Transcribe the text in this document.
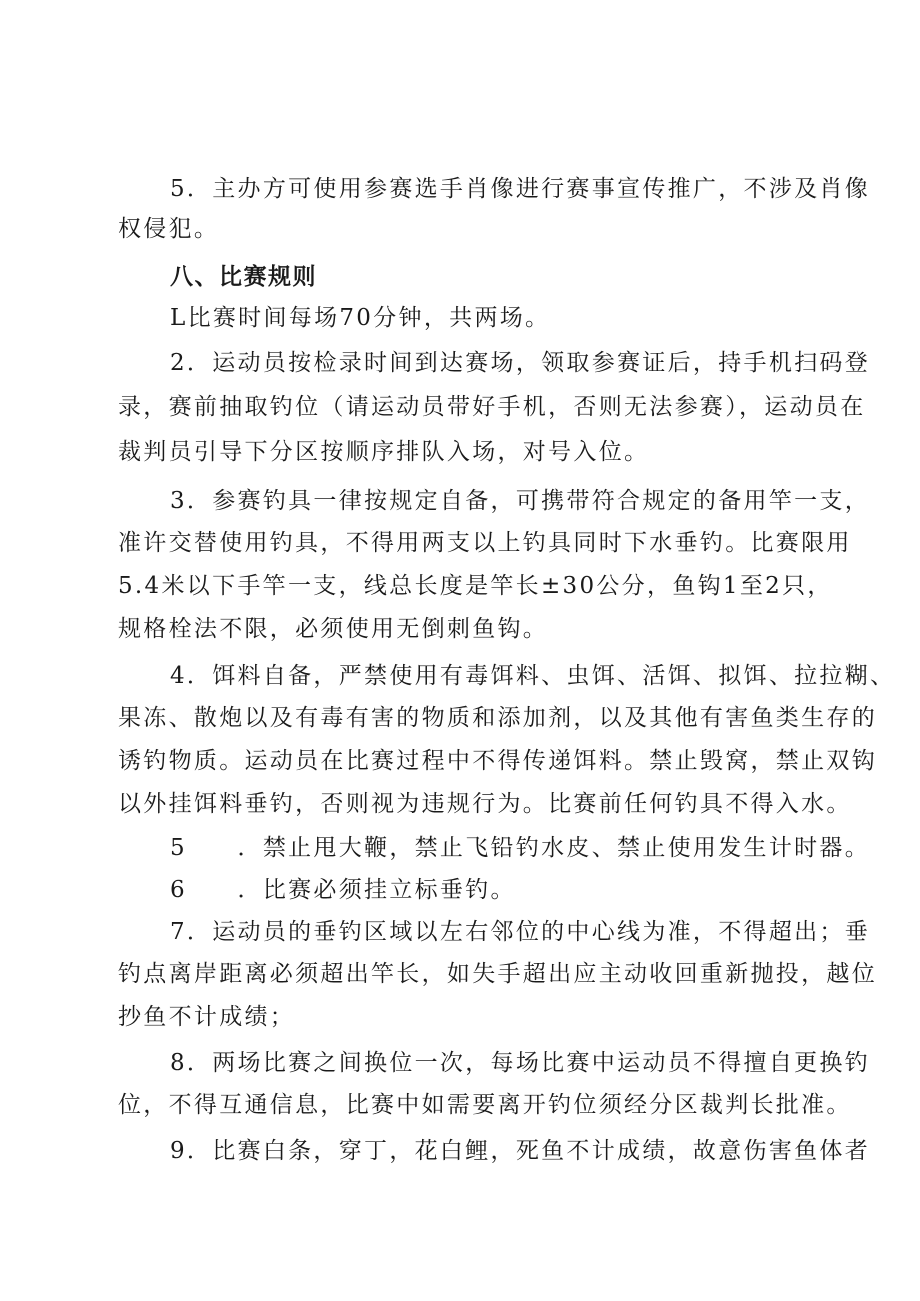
5．主办方可使用参赛选手肖像进行赛事宣传推广，不涉及肖像
权侵犯。
八、比赛规则
L比赛时间每场70分钟，共两场。
2．运动员按检录时间到达赛场，领取参赛证后，持手机扫码登
录，赛前抽取钓位（请运动员带好手机，否则无法参赛），运动员在
裁判员引导下分区按顺序排队入场，对号入位。
3．参赛钓具一律按规定自备，可携带符合规定的备用竿一支，
准许交替使用钓具，不得用两支以上钓具同时下水垂钓。比赛限用
5.4米以下手竿一支，线总长度是竿长±30公分，鱼钩1至2只，
规格栓法不限，必须使用无倒刺鱼钩。
4．饵料自备，严禁使用有毒饵料、虫饵、活饵、拟饵、拉拉糊、
果冻、散炮以及有毒有害的物质和添加剂，以及其他有害鱼类生存的
诱钓物质。运动员在比赛过程中不得传递饵料。禁止毁窝，禁止双钩
以外挂饵料垂钓，否则视为违规行为。比赛前任何钓具不得入水。
5　　．禁止甩大鞭，禁止飞铅钓水皮、禁止使用发生计时器。
6　　．比赛必须挂立标垂钓。
7．运动员的垂钓区域以左右邻位的中心线为准，不得超出；垂
钓点离岸距离必须超出竿长，如失手超出应主动收回重新抛投，越位
抄鱼不计成绩；
8．两场比赛之间换位一次，每场比赛中运动员不得擅自更换钓
位，不得互通信息，比赛中如需要离开钓位须经分区裁判长批准。
9．比赛白条，穿丁，花白鲤，死鱼不计成绩，故意伤害鱼体者
